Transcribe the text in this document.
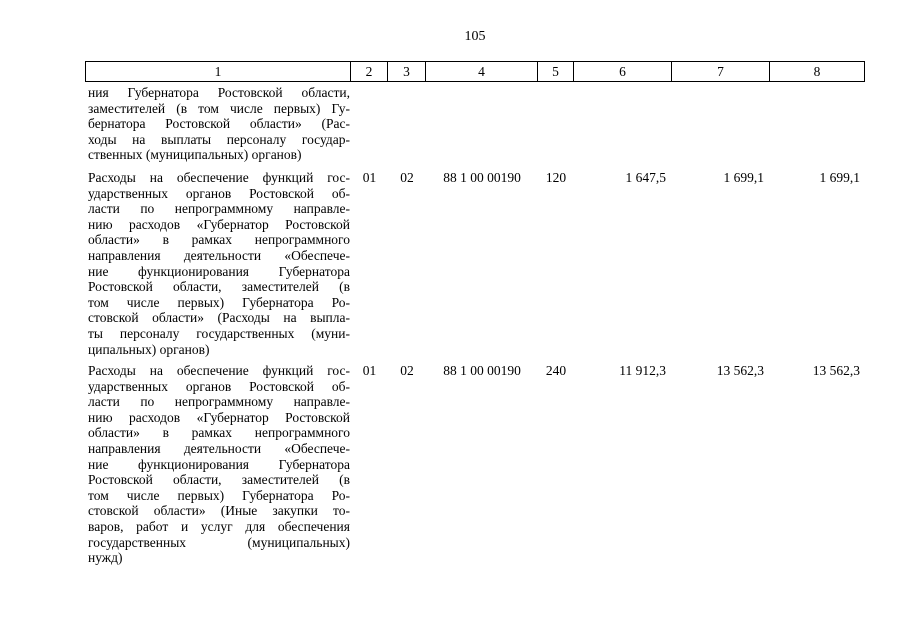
105
1	2	3	4	5	6	7	8
ния Губернатора Ростовской области,
заместителей (в том числе первых) Гу-
бернатора Ростовской области» (Рас-
ходы на выплаты персоналу государ-
ственных (муниципальных) органов)
Расходы на обеспечение функций гос-
ударственных органов Ростовской об-
ласти по непрограммному направле-
нию расходов «Губернатор Ростовской
области» в рамках непрограммного
направления деятельности «Обеспече-
ние функционирования Губернатора
Ростовской области, заместителей (в
том числе первых) Губернатора Ро-
стовской области» (Расходы на выпла-
ты персоналу государственных (муни-
ципальных) органов)
01	02	88 1 00 00190	120	1 647,5	1 699,1	1 699,1
Расходы на обеспечение функций гос-
ударственных органов Ростовской об-
ласти по непрограммному направле-
нию расходов «Губернатор Ростовской
области» в рамках непрограммного
направления деятельности «Обеспече-
ние функционирования Губернатора
Ростовской области, заместителей (в
том числе первых) Губернатора Ро-
стовской области» (Иные закупки то-
варов, работ и услуг для обеспечения
государственных (муниципальных)
нужд)
01	02	88 1 00 00190	240	11 912,3	13 562,3	13 562,3
